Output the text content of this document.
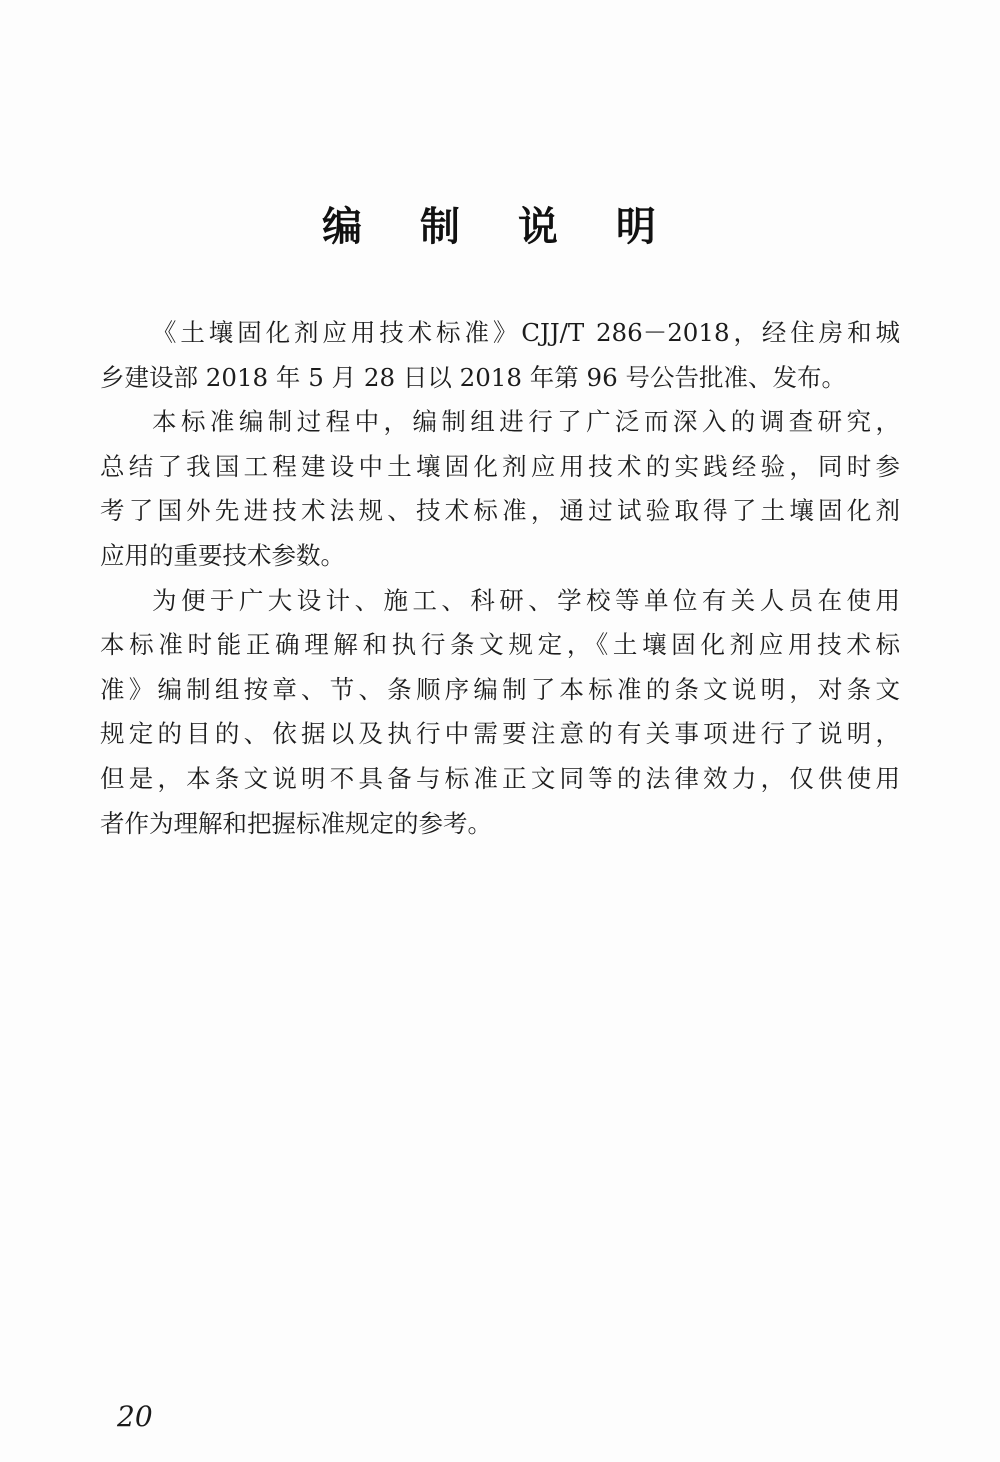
编 制 说 明
《土壤固化剂应用技术标准》CJJ/T 286－2018，经住房和城
乡建设部 2018 年 5 月 28 日以 2018 年第 96 号公告批准、发布。
本标准编制过程中，编制组进行了广泛而深入的调查研究，
总结了我国工程建设中土壤固化剂应用技术的实践经验，同时参
考了国外先进技术法规、技术标准，通过试验取得了土壤固化剂
应用的重要技术参数。
为便于广大设计、施工、科研、学校等单位有关人员在使用
本标准时能正确理解和执行条文规定，《土壤固化剂应用技术标
准》编制组按章、节、条顺序编制了本标准的条文说明，对条文
规定的目的、依据以及执行中需要注意的有关事项进行了说明，
但是，本条文说明不具备与标准正文同等的法律效力，仅供使用
者作为理解和把握标准规定的参考。
20
